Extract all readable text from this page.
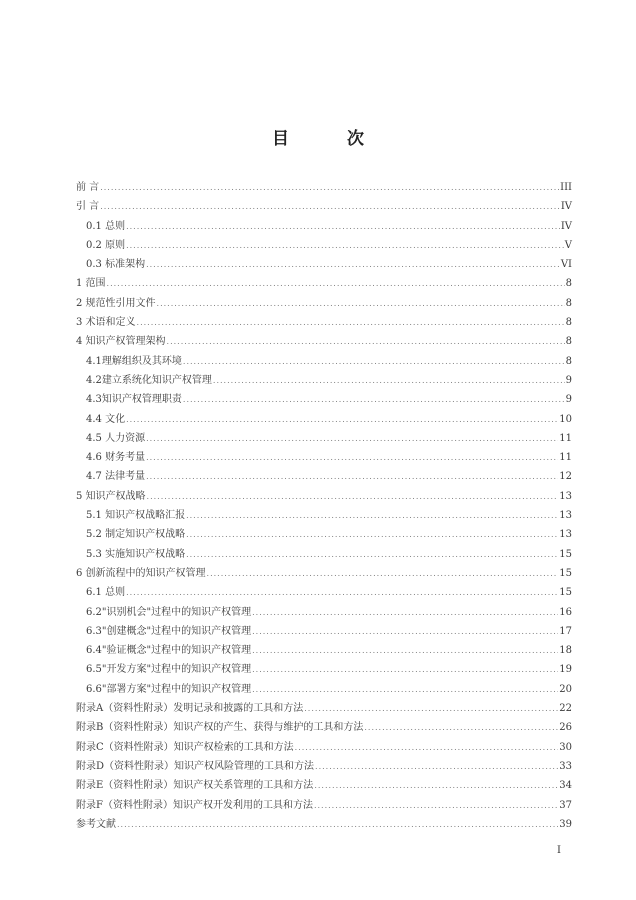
目 次
前 言 .....	III
引 言 .....	IV
0.1 总则 .....	IV
0.2 原则 .....	V
0.3 标准架构 .....	VI
1 范围 .....	8
2 规范性引用文件 .....	8
3 术语和定义 .....	8
4 知识产权管理架构 .....	8
4.1理解组织及其环境 .....	8
4.2建立系统化知识产权管理 .....	9
4.3知识产权管理职责 .....	9
4.4 文化 .....	10
4.5 人力资源 .....	11
4.6 财务考量 .....	11
4.7 法律考量 .....	12
5 知识产权战略 .....	13
5.1 知识产权战略汇报 .....	13
5.2 制定知识产权战略 .....	13
5.3 实施知识产权战略 .....	15
6 创新流程中的知识产权管理 .....	15
6.1 总则 .....	15
6.2"识别机会"过程中的知识产权管理 .....	16
6.3"创建概念"过程中的知识产权管理 .....	17
6.4"验证概念"过程中的知识产权管理 .....	18
6.5"开发方案"过程中的知识产权管理 .....	19
6.6"部署方案"过程中的知识产权管理 .....	20
附录A（资料性附录）发明记录和披露的工具和方法 .....	22
附录B（资料性附录）知识产权的产生、获得与维护的工具和方法 .....	26
附录C（资料性附录）知识产权检索的工具和方法 .....	30
附录D（资料性附录）知识产权风险管理的工具和方法 .....	33
附录E（资料性附录）知识产权关系管理的工具和方法 .....	34
附录F（资料性附录）知识产权开发利用的工具和方法 .....	37
参考文献 .....	39
I
